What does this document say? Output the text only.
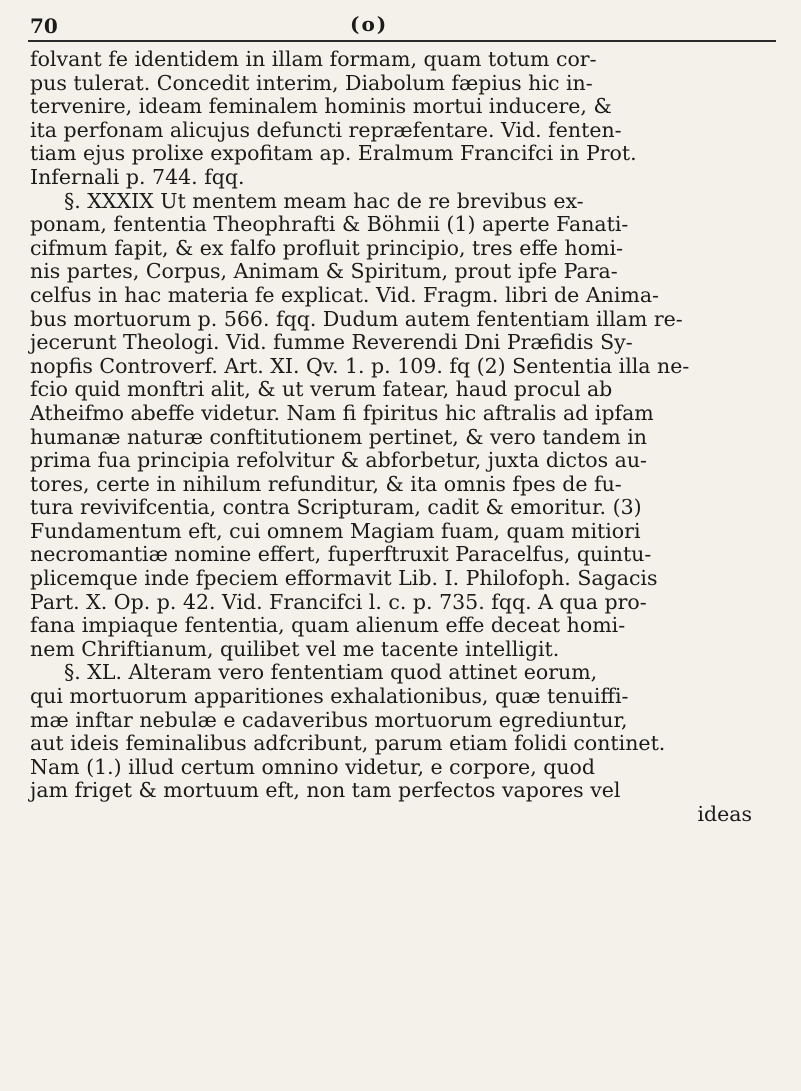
70	(o)
folvant fe identidem in illam formam, quam totum cor-
pus tulerat. Concedit interim, Diabolum fæpius hic in-
tervenire, ideam feminalem hominis mortui inducere, &
ita perfonam alicujus defuncti repræfentare. Vid. fenten-
tiam ejus prolixe expofitam ap. Eralmum Francifci in Prot.
Infernali p. 744. fqq.
§. XXXIX Ut mentem meam hac de re brevibus ex-
ponam, fententia Theophrafti & Böhmii (1) aperte Fanati-
cifmum fapit, & ex falfo profluit principio, tres effe homi-
nis partes, Corpus, Animam & Spiritum, prout ipfe Para-
celfus in hac materia fe explicat. Vid. Fragm. libri de Anima-
bus mortuorum p. 566. fqq. Dudum autem fententiam illam re-
jecerunt Theologi. Vid. fumme Reverendi Dni Præfidis Sy-
nopfis Controverf. Art. XI. Qv. 1. p. 109. fq (2) Sententia illa ne-
fcio quid monftri alit, & ut verum fatear, haud procul ab
Atheifmo abeffe videtur. Nam fi fpiritus hic aftralis ad ipfam
humanæ naturæ conftitutionem pertinet, & vero tandem in
prima fua principia refolvitur & abforbetur, juxta dictos au-
tores, certe in nihilum refunditur, & ita omnis fpes de fu-
tura revivifcentia, contra Scripturam, cadit & emoritur. (3)
Fundamentum eft, cui omnem Magiam fuam, quam mitiori
necromantiæ nomine effert, fuperftruxit Paracelfus, quintu-
plicemque inde fpeciem efformavit Lib. I. Philofoph. Sagacis
Part. X. Op. p. 42. Vid. Francifci l. c. p. 735. fqq. A qua pro-
fana impiaque fententia, quam alienum effe deceat homi-
nem Chriftianum, quilibet vel me tacente intelligit.
§. XL. Alteram vero fententiam quod attinet eorum,
qui mortuorum apparitiones exhalationibus, quæ tenuiffi-
mæ inftar nebulæ e cadaveribus mortuorum egrediuntur,
aut ideis feminalibus adfcribunt, parum etiam folidi continet.
Nam (1.) illud certum omnino videtur, e corpore, quod
jam friget & mortuum eft, non tam perfectos vapores vel
ideas
